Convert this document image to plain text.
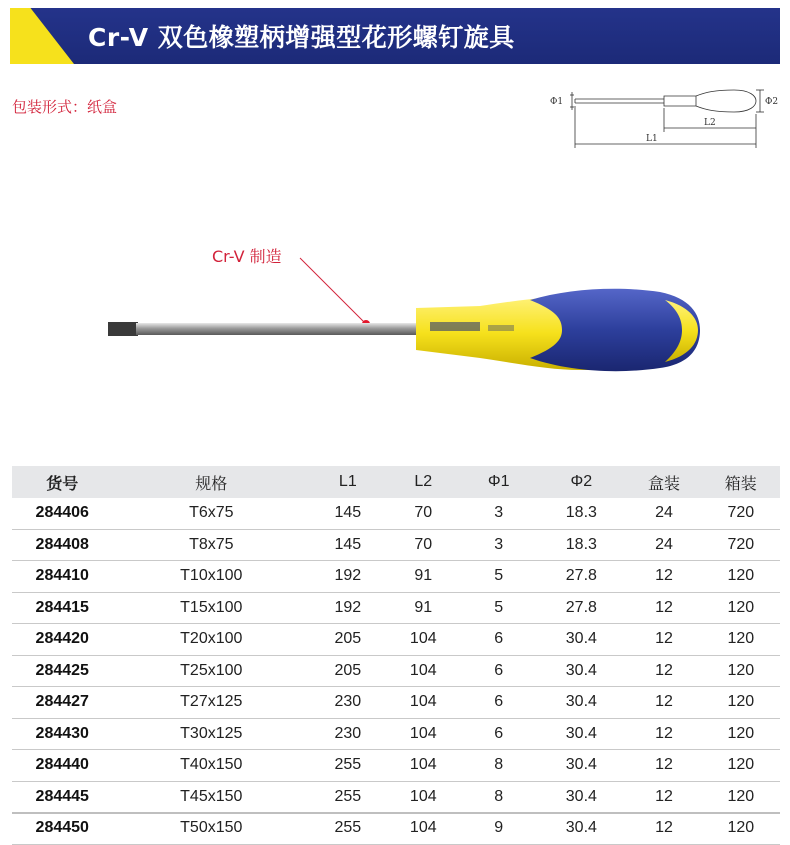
Cr-V 双色橡塑柄增强型花形螺钉旋具
包装形式：纸盒	Φ1	Φ2
L2
L1
Cr-V 制造
货号	规格	L1	L2	Φ1	Φ2	盒装	箱装
284406	T6x75	145	70	3	18.3	24	720
284408	T8x75	145	70	3	18.3	24	720
284410	T10x100	192	91	5	27.8	12	120
284415	T15x100	192	91	5	27.8	12	120
284420	T20x100	205	104	6	30.4	12	120
284425	T25x100	205	104	6	30.4	12	120
284427	T27x125	230	104	6	30.4	12	120
284430	T30x125	230	104	6	30.4	12	120
284440	T40x150	255	104	8	30.4	12	120
284445	T45x150	255	104	8	30.4	12	120
284450	T50x150	255	104	9	30.4	12	120
